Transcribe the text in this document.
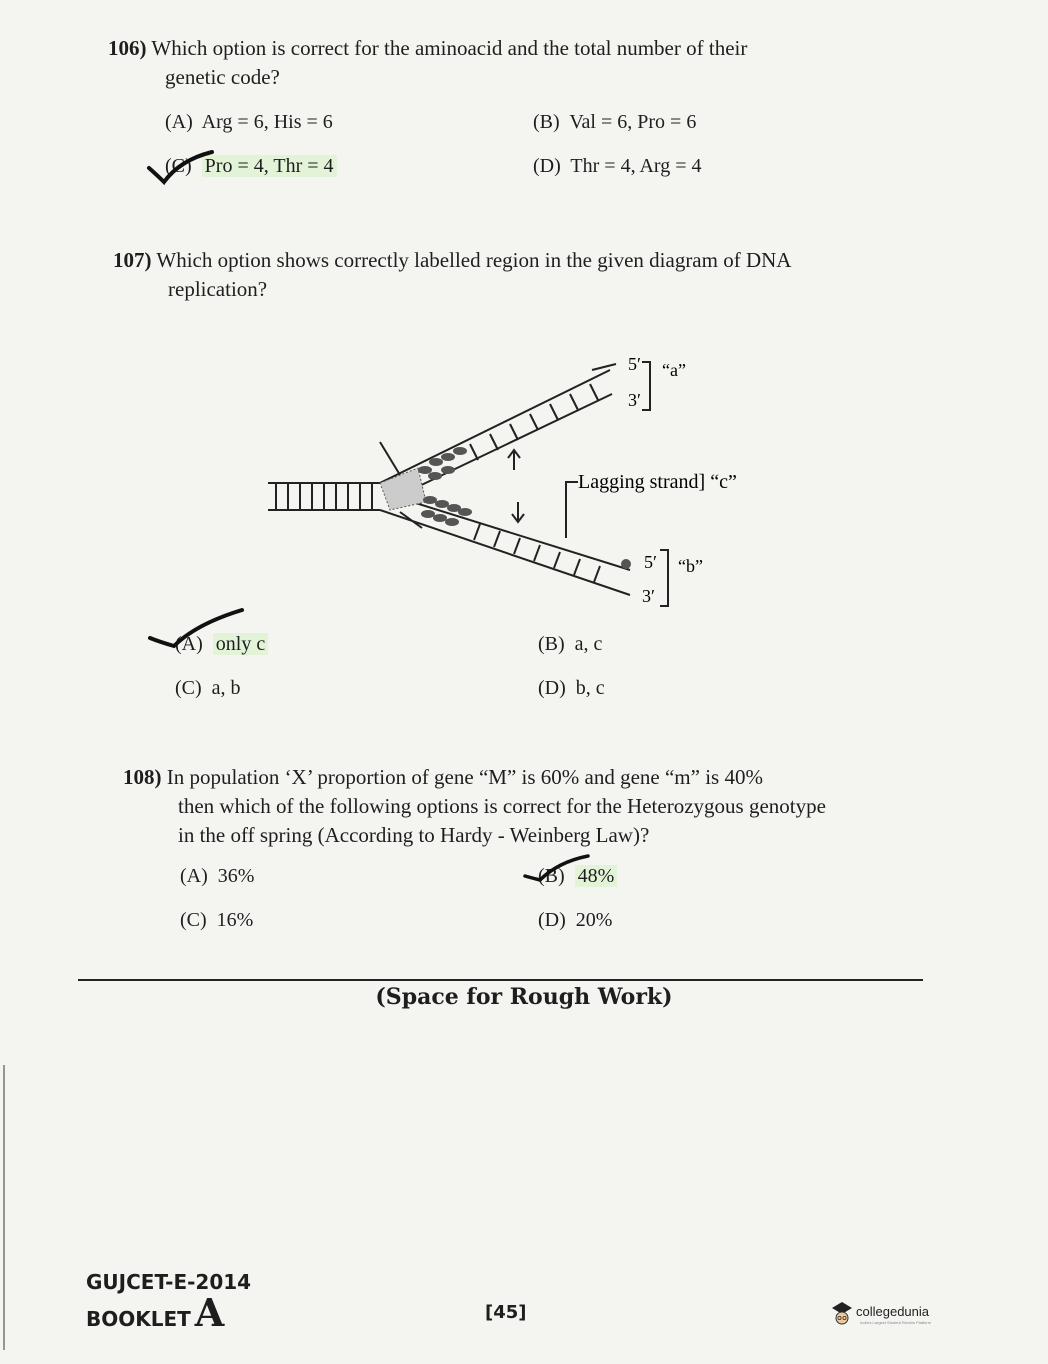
106) Which option is correct for the aminoacid and the total number of their
genetic code?
(A) Arg = 6, His = 6	(B) Val = 6, Pro = 6
(C) Pro = 4, Thr = 4	(D) Thr = 4, Arg = 4
107) Which option shows correctly labelled region in the given diagram of DNA
replication?
5′
3′
“a”
Lagging strand] “c”
5′
3′
“b”
(A) only c	(B) a, c
(C) a, b	(D) b, c
108) In population ‘X’ proportion of gene “M” is 60% and gene “m” is 40%
then which of the following options is correct for the Heterozygous genotype
in the off spring (According to Hardy - Weinberg Law)?
(A) 36%	(B) 48%
(C) 16%	(D) 20%
(Space for Rough Work)
GUJCET-E-2014
BOOKLET A	[45]	collegedunia
India's Largest Student Review Platform
